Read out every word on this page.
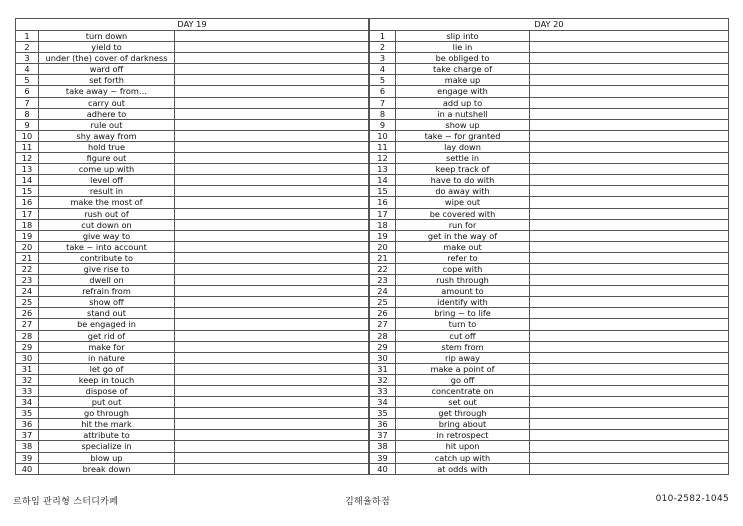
DAY 19		
1	turn down	
2	yield to	
3	under (the) cover of darkness	
4	ward off	
5	set forth	
6	take away ~ from…	
7	carry out	
8	adhere to	
9	rule out	
10	shy away from	
11	hold true	
12	figure out	
13	come up with	
14	level off	
15	result in	
16	make the most of	
17	rush out of	
18	cut down on	
19	give way to	
20	take ~ into account	
21	contribute to	
22	give rise to	
23	dwell on	
24	refrain from	
25	show off	
26	stand out	
27	be engaged in	
28	get rid of	
29	make for	
30	in nature	
31	let go of	
32	keep in touch	
33	dispose of	
34	put out	
35	go through	
36	hit the mark	
37	attribute to	
38	specialize in	
39	blow up	
40	break down	
DAY 20		
1	slip into	
2	lie in	
3	be obliged to	
4	take charge of	
5	make up	
6	engage with	
7	add up to	
8	in a nutshell	
9	show up	
10	take ~ for granted	
11	lay down	
12	settle in	
13	keep track of	
14	have to do with	
15	do away with	
16	wipe out	
17	be covered with	
18	run for	
19	get in the way of	
20	make out	
21	refer to	
22	cope with	
23	rush through	
24	amount to	
25	identify with	
26	bring ~ to life	
27	turn to	
28	cut off	
29	stem from	
30	rip away	
31	make a point of	
32	go off	
33	concentrate on	
34	set out	
35	get through	
36	bring about	
37	in retrospect	
38	hit upon	
39	catch up with	
40	at odds with	
르하임 관리형 스터디카페	김해율하점	010-2582-1045
